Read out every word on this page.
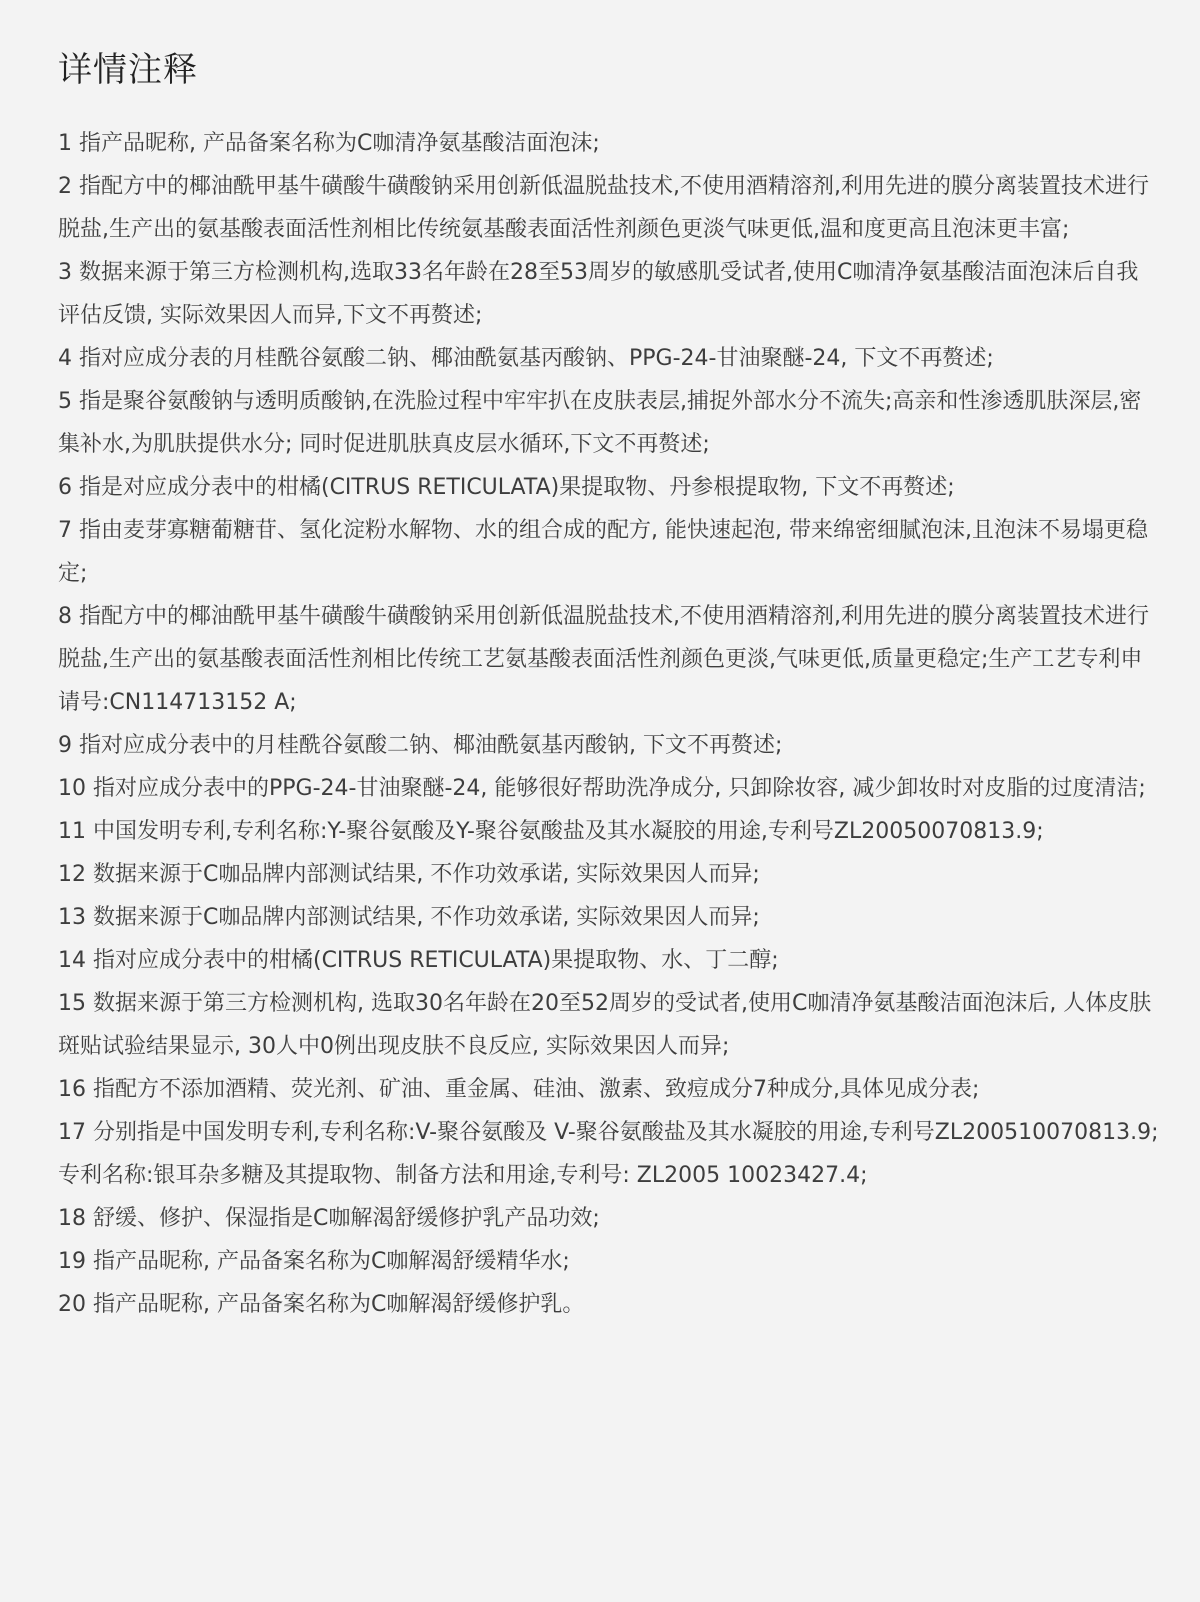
详情注释
1 指产品昵称, 产品备案名称为C咖清净氨基酸洁面泡沫;
2 指配方中的椰油酰甲基牛磺酸牛磺酸钠采用创新低温脱盐技术,不使用酒精溶剂,利用先进的膜分离装置技术进行脱盐,生产出的氨基酸表面活性剂相比传统氨基酸表面活性剂颜色更淡气味更低,温和度更高且泡沫更丰富;
3 数据来源于第三方检测机构,选取33名年龄在28至53周岁的敏感肌受试者,使用C咖清净氨基酸洁面泡沫后自我评估反馈, 实际效果因人而异,下文不再赘述;
4 指对应成分表的月桂酰谷氨酸二钠、椰油酰氨基丙酸钠、PPG-24-甘油聚醚-24, 下文不再赘述;
5 指是聚谷氨酸钠与透明质酸钠,在洗脸过程中牢牢扒在皮肤表层,捕捉外部水分不流失;高亲和性渗透肌肤深层,密集补水,为肌肤提供水分; 同时促进肌肤真皮层水循环,下文不再赘述;
6 指是对应成分表中的柑橘(CITRUS RETICULATA)果提取物、丹参根提取物, 下文不再赘述;
7 指由麦芽寡糖葡糖苷、氢化淀粉水解物、水的组合成的配方, 能快速起泡, 带来绵密细腻泡沫,且泡沫不易塌更稳定;
8 指配方中的椰油酰甲基牛磺酸牛磺酸钠采用创新低温脱盐技术,不使用酒精溶剂,利用先进的膜分离装置技术进行脱盐,生产出的氨基酸表面活性剂相比传统工艺氨基酸表面活性剂颜色更淡,气味更低,质量更稳定;生产工艺专利申请号:CN114713152 A;
9 指对应成分表中的月桂酰谷氨酸二钠、椰油酰氨基丙酸钠, 下文不再赘述;
10 指对应成分表中的PPG-24-甘油聚醚-24, 能够很好帮助洗净成分, 只卸除妆容, 减少卸妆时对皮脂的过度清洁;
11 中国发明专利,专利名称:Y-聚谷氨酸及Y-聚谷氨酸盐及其水凝胶的用途,专利号ZL20050070813.9;
12 数据来源于C咖品牌内部测试结果, 不作功效承诺, 实际效果因人而异;
13 数据来源于C咖品牌内部测试结果, 不作功效承诺, 实际效果因人而异;
14 指对应成分表中的柑橘(CITRUS RETICULATA)果提取物、水、丁二醇;
15 数据来源于第三方检测机构, 选取30名年龄在20至52周岁的受试者,使用C咖清净氨基酸洁面泡沫后, 人体皮肤斑贴试验结果显示, 30人中0例出现皮肤不良反应, 实际效果因人而异;
16 指配方不添加酒精、荧光剂、矿油、重金属、硅油、激素、致痘成分7种成分,具体见成分表;
17 分别指是中国发明专利,专利名称:V-聚谷氨酸及 V-聚谷氨酸盐及其水凝胶的用途,专利号ZL200510070813.9;专利名称:银耳杂多糖及其提取物、制备方法和用途,专利号: ZL2005 10023427.4;
18 舒缓、修护、保湿指是C咖解渴舒缓修护乳产品功效;
19 指产品昵称, 产品备案名称为C咖解渴舒缓精华水;
20 指产品昵称, 产品备案名称为C咖解渴舒缓修护乳。
